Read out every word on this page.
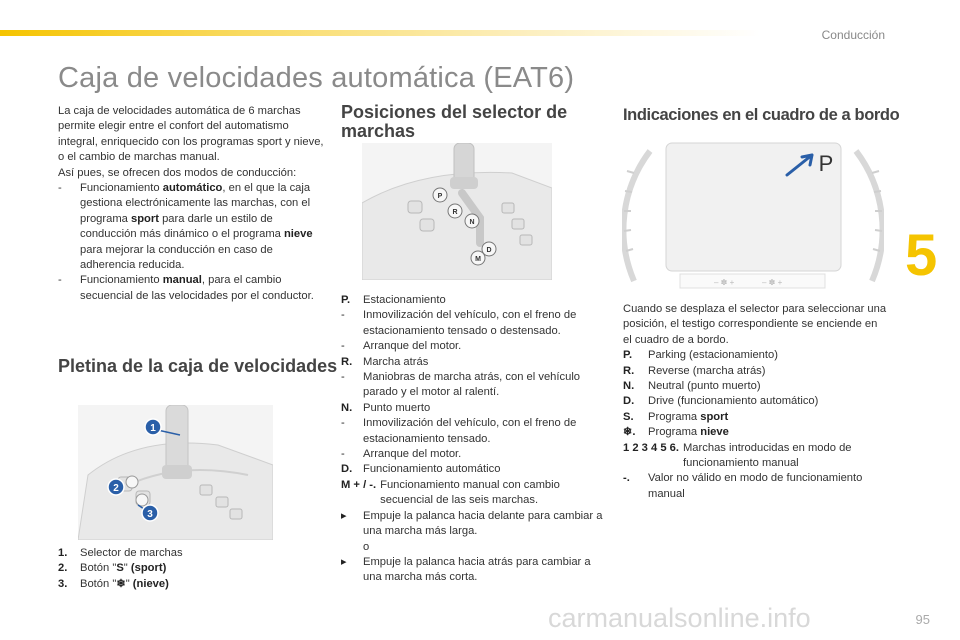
Conducción
5
Caja de velocidades automática (EAT6)

La caja de velocidades automática de 6 marchas permite elegir entre el confort del automatismo integral, enriquecido con los programas sport y nieve, o el cambio de marchas manual.

Así pues, se ofrecen dos modos de conducción:

-	Funcionamiento automático, en el que la caja gestiona electrónicamente las marchas, con el programa sport para darle un estilo de conducción más dinámico o el programa nieve para mejorar la conducción en caso de adherencia reducida.
-	Funcionamiento manual, para el cambio secuencial de las velocidades por el conductor.
Pletina de la caja de velocidades
1
2
3
1.	Selector de marchas
2.	Botón "S" (sport)
3.	Botón "❄" (nieve)
Posiciones del selector de marchas
P
R
N
D
M
P.	Estacionamiento
-	Inmovilización del vehículo, con el freno de estacionamiento tensado o destensado.
-	Arranque del motor.
R. Marcha atrás
-	Maniobras de marcha atrás, con el vehículo parado y el motor al ralentí.
N. Punto muerto
-	Inmovilización del vehículo, con el freno de estacionamiento tensado.
-	Arranque del motor.
D. Funcionamiento automático
M + / -. Funcionamiento manual con cambio secuencial de las seis marchas.
▸	Empuje la palanca hacia delante para cambiar a una marcha más larga.
o
▸	Empuje la palanca hacia atrás para cambiar a una marcha más corta.
Indicaciones en el cuadro de a bordo
– ✽ +	– ✽ +
P
Cuando se desplaza el selector para seleccionar una posición, el testigo correspondiente se enciende en el cuadro de a bordo.
P.	Parking (estacionamiento)
R.	Reverse (marcha atrás)
N.	Neutral (punto muerto)
D.	Drive (funcionamiento automático)
S.	Programa sport
❄.	Programa nieve
1 2 3 4 5 6. Marchas introducidas en modo de funcionamiento manual
-.	Valor no válido en modo de funcionamiento manual
carmanualsonline.info	95
